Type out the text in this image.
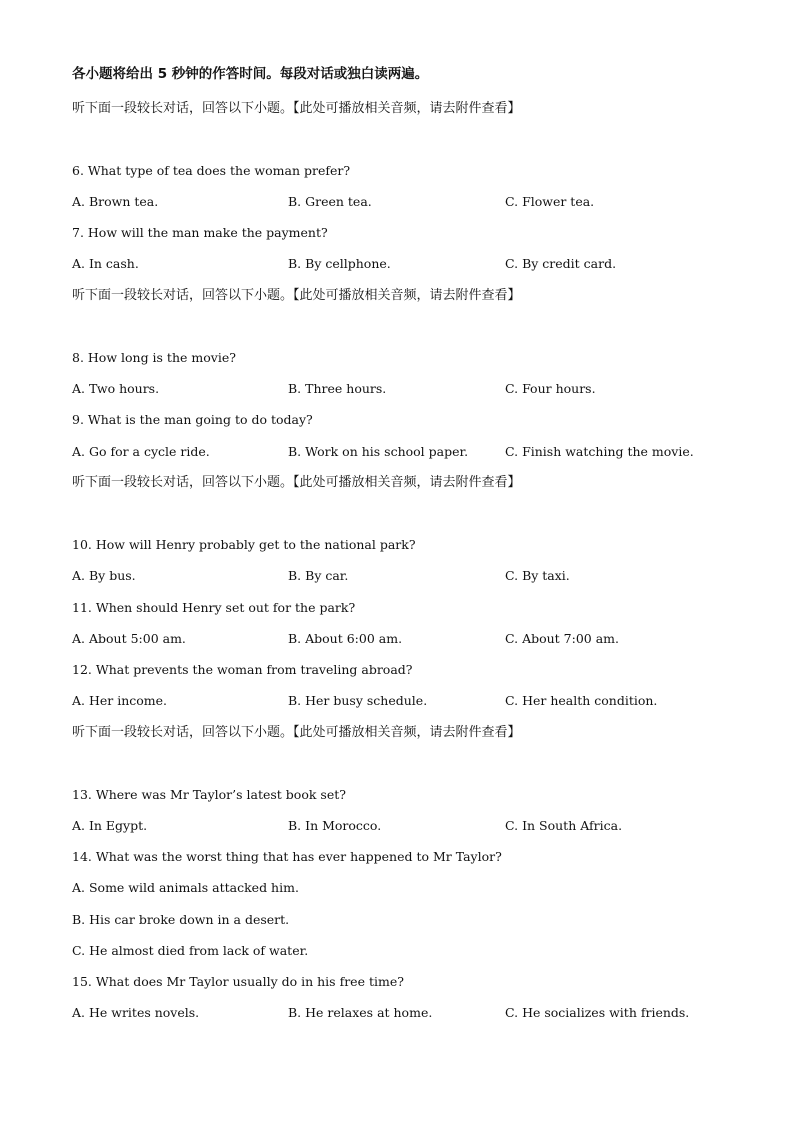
各小题将给出 5 秒钟的作答时间。每段对话或独白读两遍。
听下面一段较长对话，回答以下小题。【此处可播放相关音频，请去附件查看】
6. What type of tea does the woman prefer?
A. Brown tea.	B. Green tea.	C. Flower tea.
7. How will the man make the payment?
A. In cash.	B. By cellphone.	C. By credit card.
听下面一段较长对话，回答以下小题。【此处可播放相关音频，请去附件查看】
8. How long is the movie?
A. Two hours.	B. Three hours.	C. Four hours.
9. What is the man going to do today?
A. Go for a cycle ride.	B. Work on his school paper.	C. Finish watching the movie.
听下面一段较长对话，回答以下小题。【此处可播放相关音频，请去附件查看】
10. How will Henry probably get to the national park?
A. By bus.	B. By car.	C. By taxi.
11. When should Henry set out for the park?
A. About 5:00 am.	B. About 6:00 am.	C. About 7:00 am.
12. What prevents the woman from traveling abroad?
A. Her income.	B. Her busy schedule.	C. Her health condition.
听下面一段较长对话，回答以下小题。【此处可播放相关音频，请去附件查看】
13. Where was Mr Taylor’s latest book set?
A. In Egypt.	B. In Morocco.	C. In South Africa.
14. What was the worst thing that has ever happened to Mr Taylor?
A. Some wild animals attacked him.
B. His car broke down in a desert.
C. He almost died from lack of water.
15. What does Mr Taylor usually do in his free time?
A. He writes novels.	B. He relaxes at home.	C. He socializes with friends.
